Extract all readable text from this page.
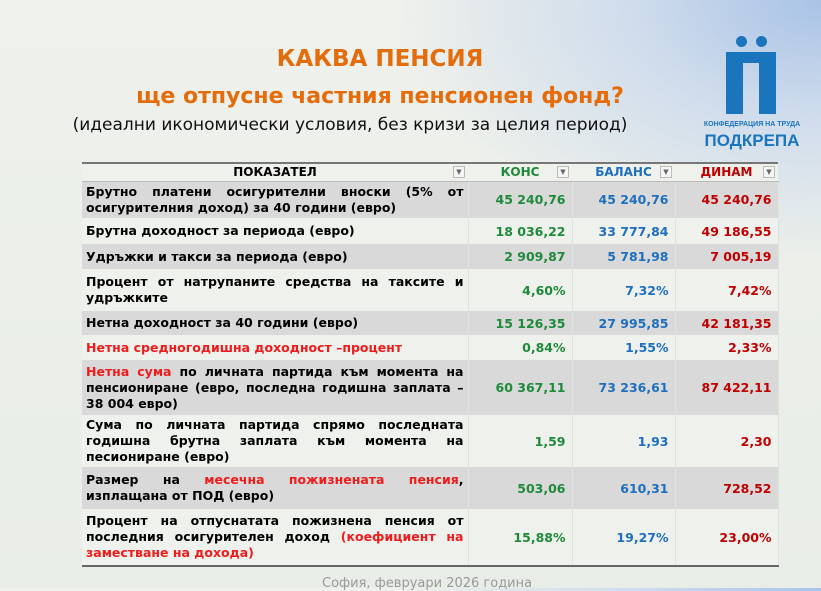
КАКВА ПЕНСИЯ
ще отпусне частния пенсионен фонд?
(идеални икономически условия, без кризи за целия период)	КОНФЕДЕРАЦИЯ НА ТРУДА
ПОДКРЕПА
ПОКАЗАТЕЛ ▼	КОНС ▼	БАЛАНС ▼	ДИНАМ ▼

Брутно платени осигурителни вноски (5% от осигурителния доход) за 40 години (евро)	45 240,76	45 240,76	45 240,76
Брутна доходност за периода (евро)	18 036,22	33 777,84	49 186,55
Удръжки и такси за периода (евро)	2 909,87	5 781,98	7 005,19
Процент от натрупаните средства на таксите и удръжките	4,60%	7,32%	7,42%
Нетна доходност за 40 години (евро)	15 126,35	27 995,85	42 181,35
Нетна средногодишна доходност –процент	0,84%	1,55%	2,33%
Нетна сума по личната партида към момента на пенсиониране (евро, последна годишна заплата – 38 004 евро)	60 367,11	73 236,61	87 422,11
Сума по личната партида спрямо последната годишна брутна заплата към момента на песиониране (евро)	1,59	1,93	2,30
Размер на месечна пожизнената пенсия, изплащана от ПОД (евро)	503,06	610,31	728,52
Процент на отпуснатата пожизнена пенсия от последния осигурителен доход (коефициент на заместване на дохода)	15,88%	19,27%	23,00%
София, февруари 2026 година
